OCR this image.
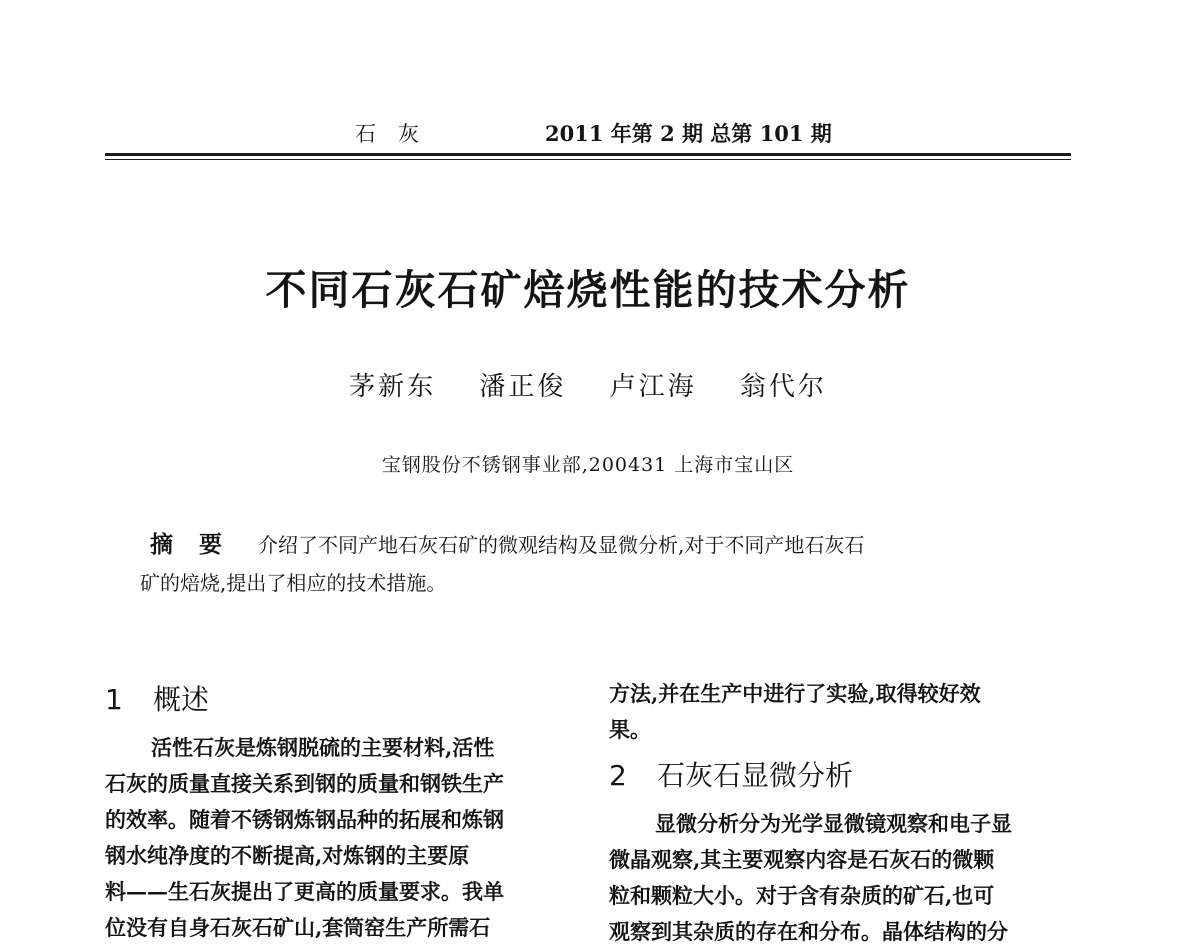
石灰	2011 年第 2 期 总第 101 期
不同石灰石矿焙烧性能的技术分析
茅新东 潘正俊 卢江海 翁代尔
宝钢股份不锈钢事业部,200431 上海市宝山区
摘要 介绍了不同产地石灰石矿的微观结构及显微分析,对于不同产地石灰石
矿的焙烧,提出了相应的技术措施。
1 概述
活性石灰是炼钢脱硫的主要材料,活性
石灰的质量直接关系到钢的质量和钢铁生产
的效率。随着不锈钢炼钢品种的拓展和炼钢
钢水纯净度的不断提高,对炼钢的主要原
料——生石灰提出了更高的质量要求。我单
位没有自身石灰石矿山,套筒窑生产所需石
方法,并在生产中进行了实验,取得较好效
果。
2 石灰石显微分析
显微分析分为光学显微镜观察和电子显
微晶观察,其主要观察内容是石灰石的微颗
粒和颗粒大小。对于含有杂质的矿石,也可
观察到其杂质的存在和分布。晶体结构的分
